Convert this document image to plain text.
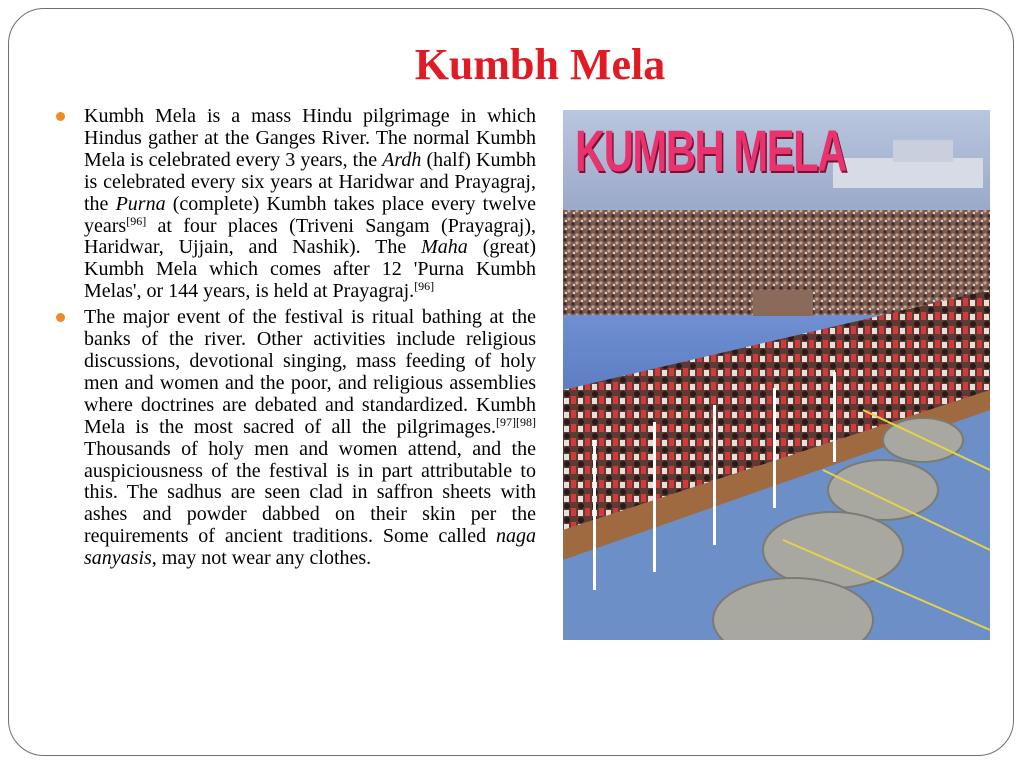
Kumbh Mela

Kumbh Mela is a mass Hindu pilgrimage in which Hindus gather at the Ganges River. The normal Kumbh Mela is celebrated every 3 years, the Ardh (half) Kumbh is celebrated every six years at Haridwar and Prayagraj, the Purna (complete) Kumbh takes place every twelve years[96] at four places (Triveni Sangam (Prayagraj), Haridwar, Ujjain, and Nashik). The Maha (great) Kumbh Mela which comes after 12 'Purna Kumbh Melas', or 144 years, is held at Prayagraj.[96]

The major event of the festival is ritual bathing at the banks of the river. Other activities include religious discussions, devotional singing, mass feeding of holy men and women and the poor, and religious assemblies where doctrines are debated and standardized. Kumbh Mela is the most sacred of all the pilgrimages.[97][98] Thousands of holy men and women attend, and the auspiciousness of the festival is in part attributable to this. The sadhus are seen clad in saffron sheets with ashes and powder dabbed on their skin per the requirements of ancient traditions. Some called naga sanyasis, may not wear any clothes.

KUMBH MELA
